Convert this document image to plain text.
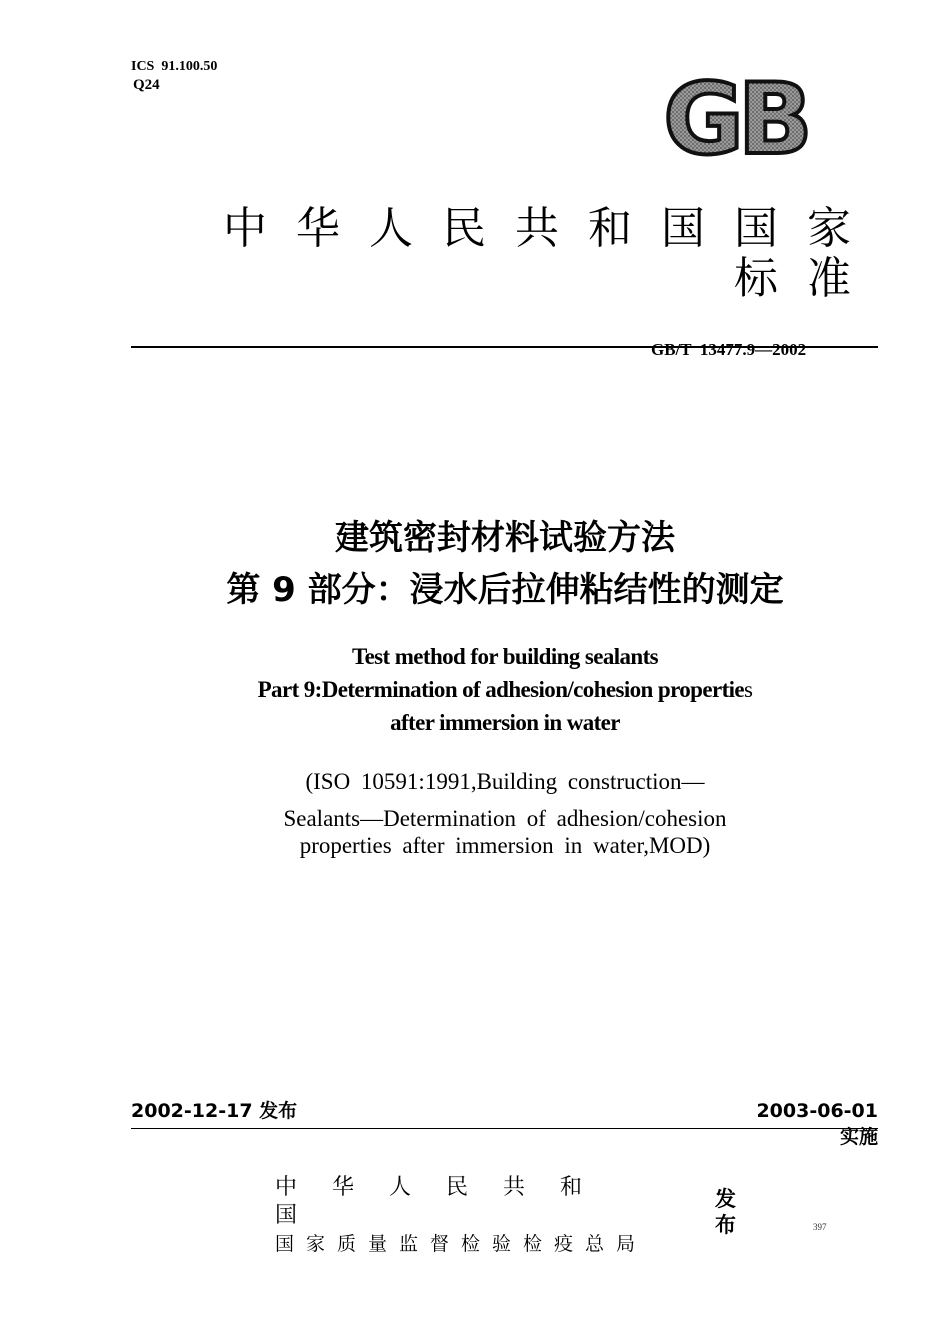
ICS  91.100.50
Q24	GB
中华人民共和国国家标准
GB/T  13477.9—2002
建筑密封材料试验方法
第 9 部分：浸水后拉伸粘结性的测定
Test method for building sealants
Part 9:Determination of adhesion/cohesion properties
after immersion in water
(ISO 10591:1991,Building construction—
Sealants—Determination of adhesion/cohesion
properties after immersion in water,MOD)
2002-12-17 发布	2003-06-01 实施
中华人民共和国
国家质量监督检验检疫总局
发布	397
